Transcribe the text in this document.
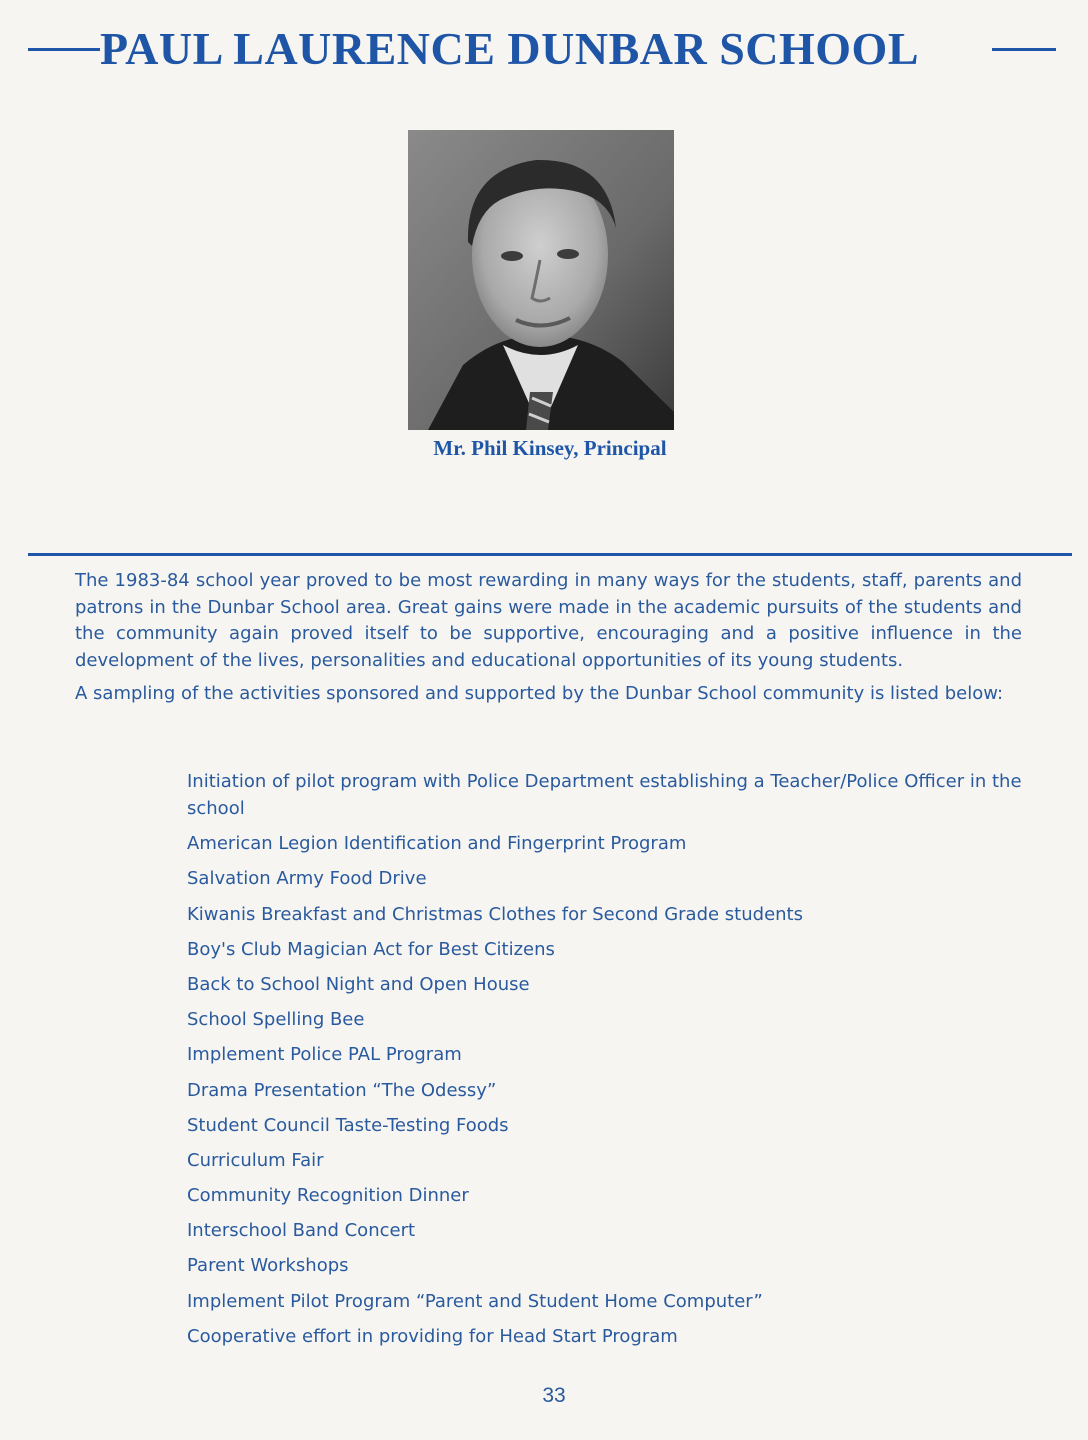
PAUL LAURENCE DUNBAR SCHOOL
Mr. Phil Kinsey, Principal

The 1983-84 school year proved to be most rewarding in many ways for the students, staff, parents and patrons in the Dunbar School area. Great gains were made in the academic pursuits of the students and the community again proved itself to be supportive, encouraging and a positive influence in the development of the lives, personalities and educational opportunities of its young students.

A sampling of the activities sponsored and supported by the Dunbar School community is listed below:

Initiation of pilot program with Police Department establishing a Teacher/Police Officer in the school
American Legion Identification and Fingerprint Program
Salvation Army Food Drive
Kiwanis Breakfast and Christmas Clothes for Second Grade students
Boy's Club Magician Act for Best Citizens
Back to School Night and Open House
School Spelling Bee
Implement Police PAL Program
Drama Presentation “The Odessy”
Student Council Taste-Testing Foods
Curriculum Fair
Community Recognition Dinner
Interschool Band Concert
Parent Workshops
Implement Pilot Program “Parent and Student Home Computer”
Cooperative effort in providing for Head Start Program
33
